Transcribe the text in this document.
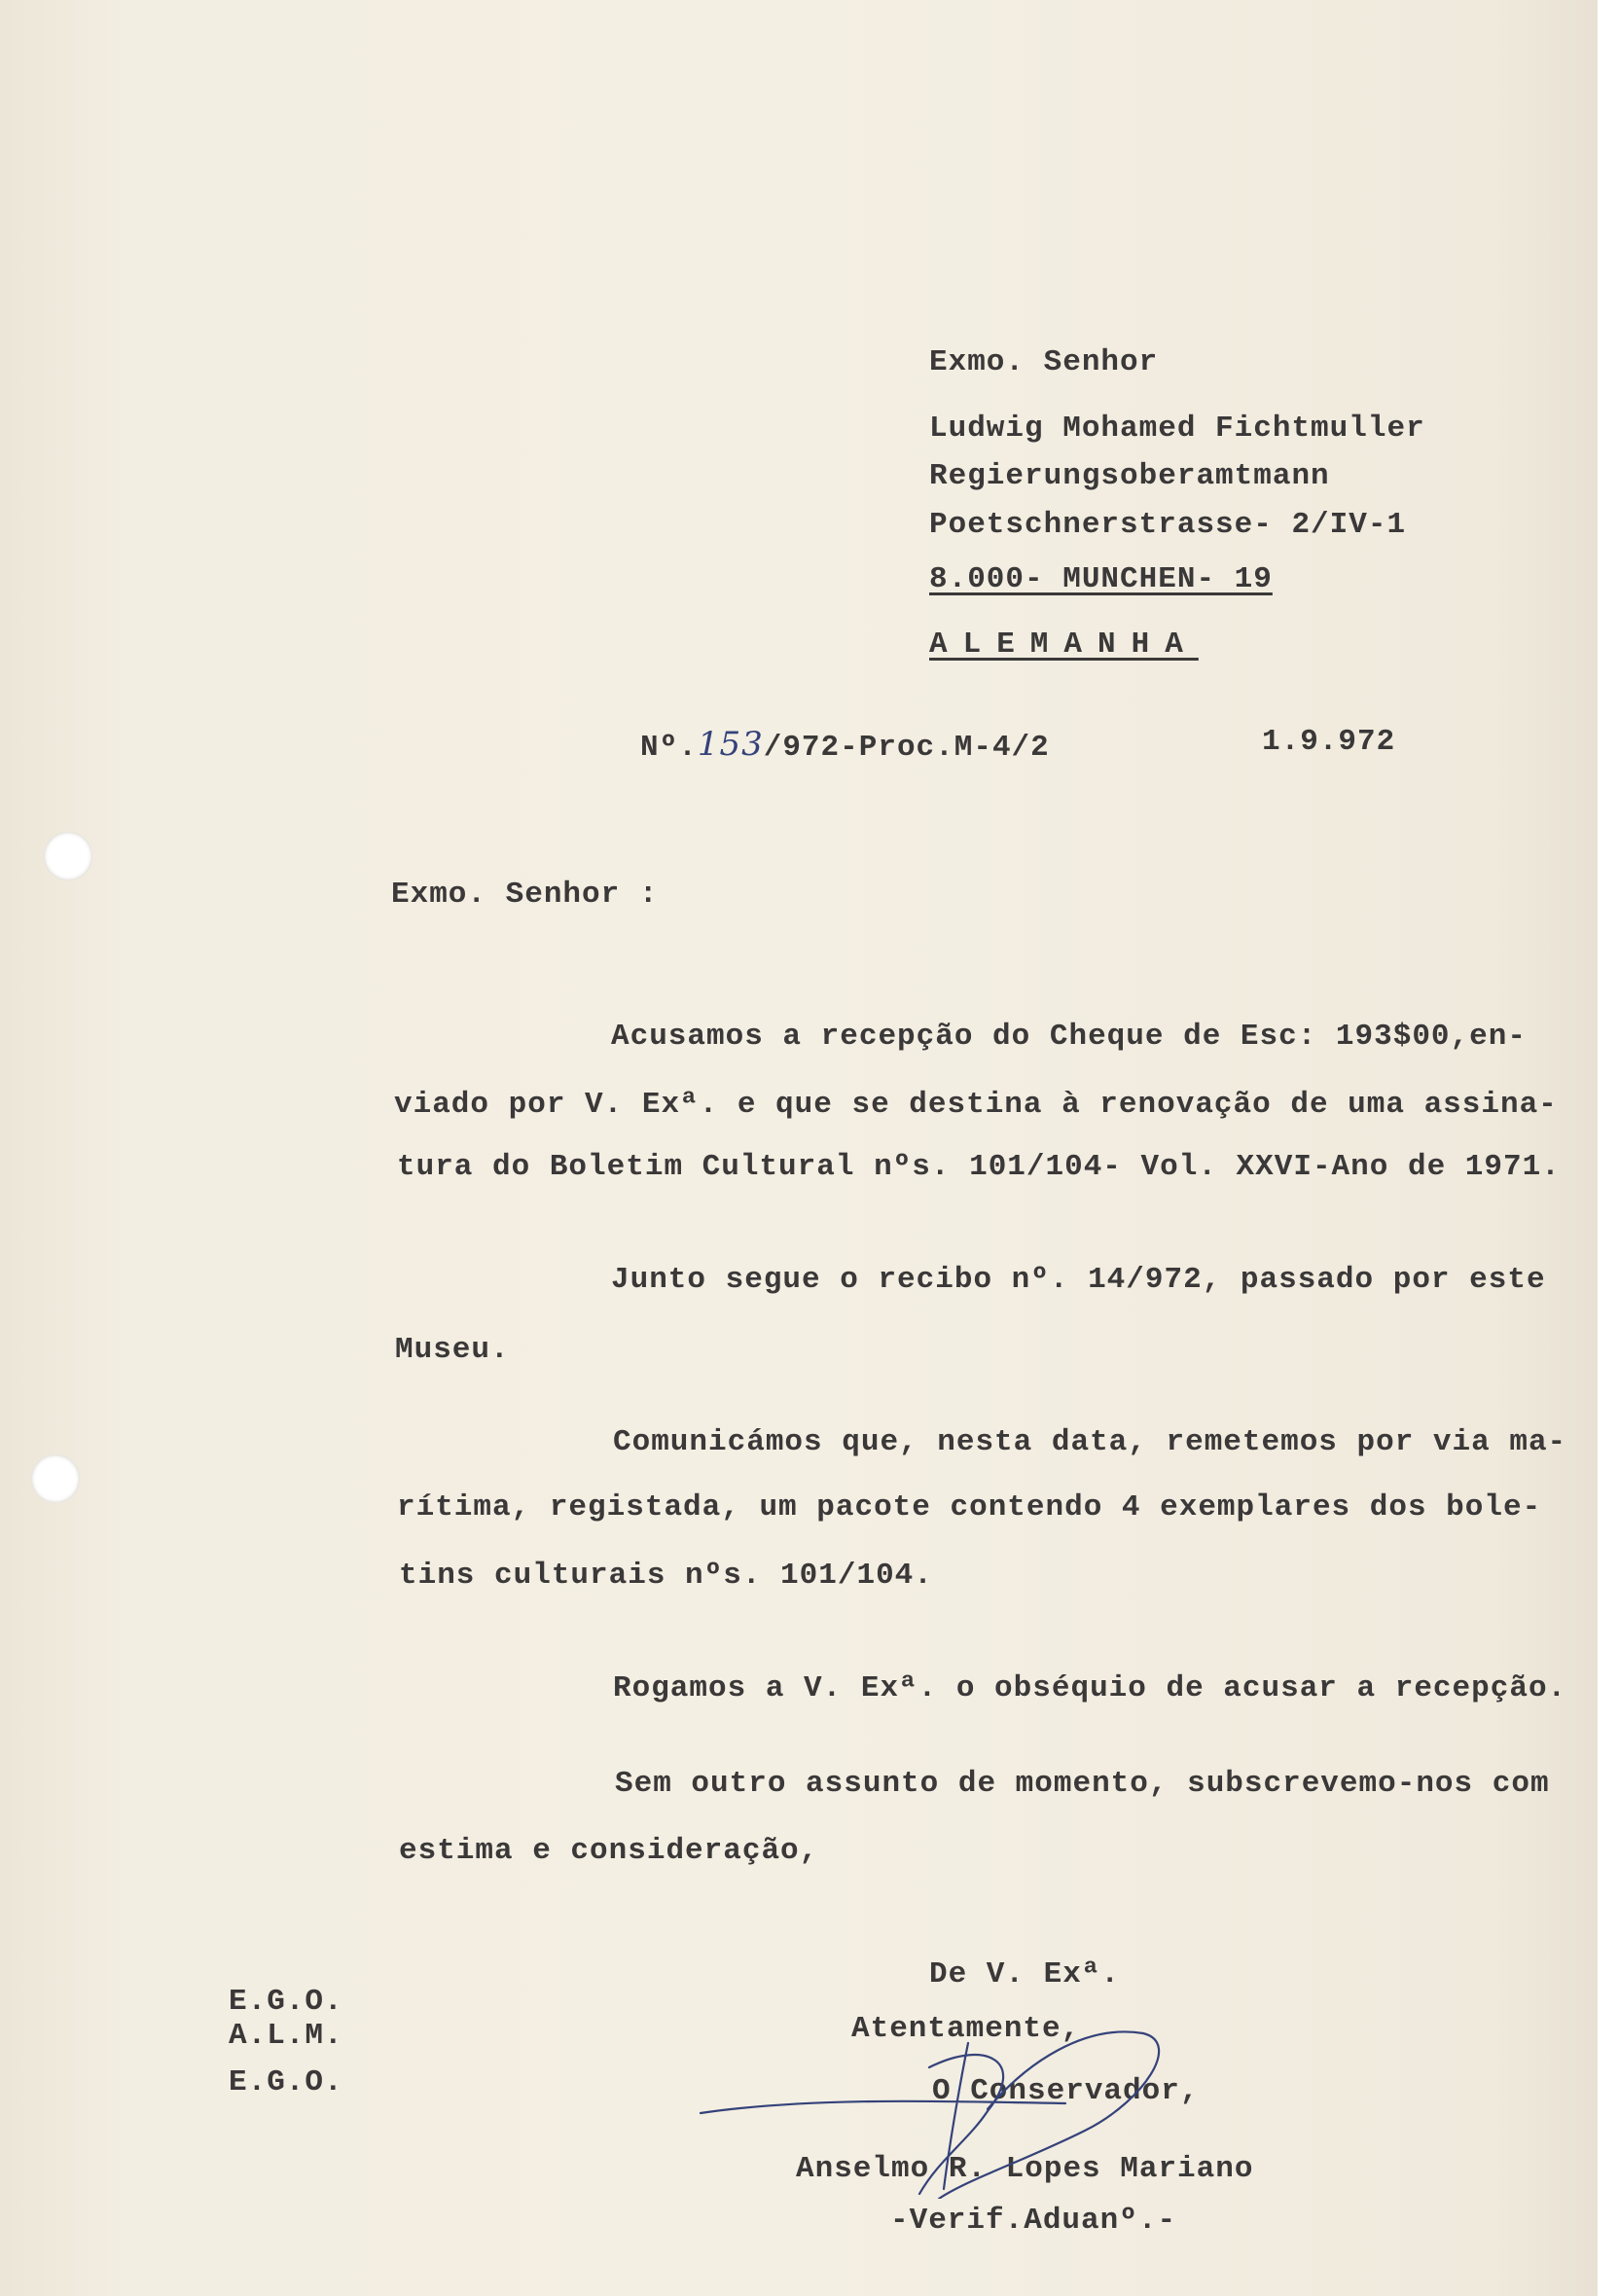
Exmo. Senhor
Ludwig Mohamed Fichtmuller
Regierungsoberamtmann
Poetschnerstrasse- 2/IV-1
8.000- MUNCHEN- 19
ALEMANHA
Nº.153/972-Proc.M-4/2	1.9.972
Exmo. Senhor :
Acusamos a recepção do Cheque de Esc: 193$00,en-
viado por V. Exª. e que se destina à renovação de uma assina-
tura do Boletim Cultural nºs. 101/104- Vol. XXVI-Ano de 1971.
Junto segue o recibo nº. 14/972, passado por este
Museu.
Comunicámos que, nesta data, remetemos por via ma-
rítima, registada, um pacote contendo 4 exemplares dos bole-
tins culturais nºs. 101/104.
Rogamos a V. Exª. o obséquio de acusar a recepção.
Sem outro assunto de momento, subscrevemo-nos com
estima e consideração,
E.G.O.
A.L.M.
E.G.O.
De V. Exª.
Atentamente,
O Conservador,
Anselmo R. Lopes Mariano
-Verif.Aduanº.-
